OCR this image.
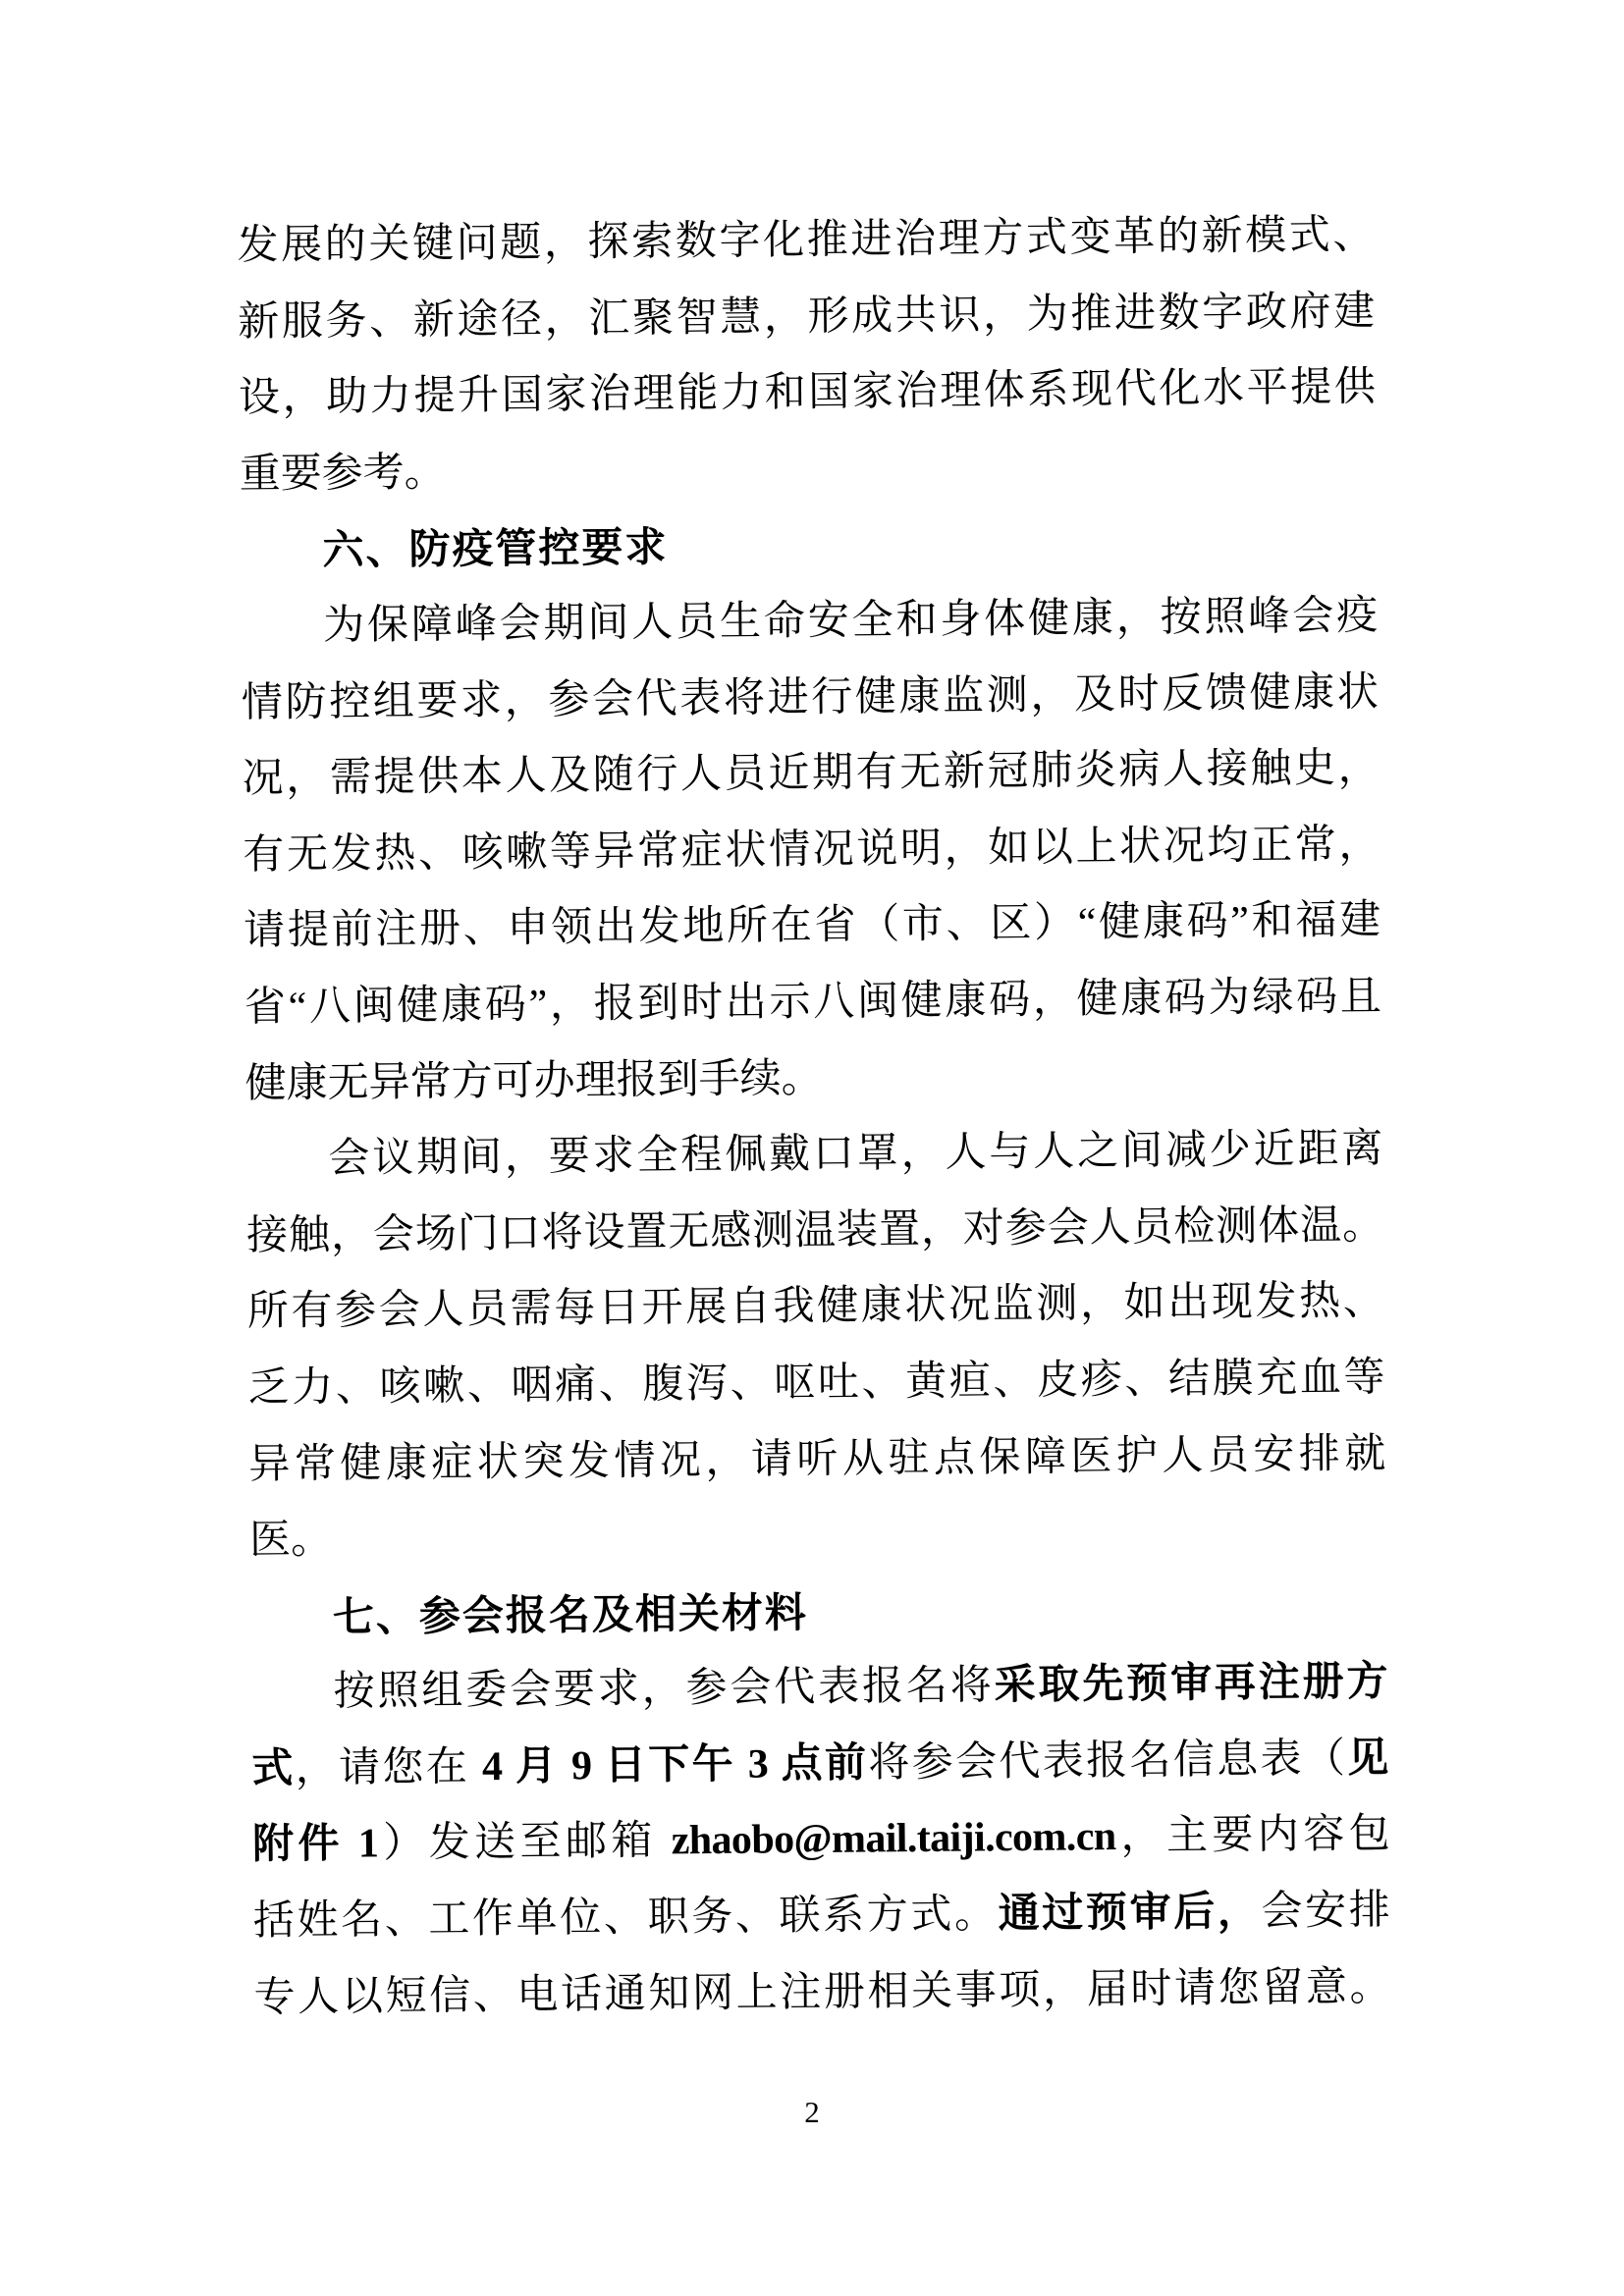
发展的关键问题，探索数字化推进治理方式变革的新模式、
新服务、新途径，汇聚智慧，形成共识，为推进数字政府建
设，助力提升国家治理能力和国家治理体系现代化水平提供
重要参考。
六、防疫管控要求
为保障峰会期间人员生命安全和身体健康，按照峰会疫
情防控组要求，参会代表将进行健康监测，及时反馈健康状
况，需提供本人及随行人员近期有无新冠肺炎病人接触史，
有无发热、咳嗽等异常症状情况说明，如以上状况均正常，
请提前注册、申领出发地所在省（市、区）“健康码”和福建
省“八闽健康码”，报到时出示八闽健康码，健康码为绿码且
健康无异常方可办理报到手续。
会议期间，要求全程佩戴口罩，人与人之间减少近距离
接触，会场门口将设置无感测温装置，对参会人员检测体温。
所有参会人员需每日开展自我健康状况监测，如出现发热、
乏力、咳嗽、咽痛、腹泻、呕吐、黄疸、皮疹、结膜充血等
异常健康症状突发情况，请听从驻点保障医护人员安排就
医。
七、参会报名及相关材料
按照组委会要求，参会代表报名将采取先预审再注册方
式，请您在 4 月 9 日下午 3 点前将参会代表报名信息表（见
附件 1）发送至邮箱 zhaobo@mail.taiji.com.cn，主要内容包
括姓名、工作单位、职务、联系方式。通过预审后，会安排
专人以短信、电话通知网上注册相关事项，届时请您留意。
2
